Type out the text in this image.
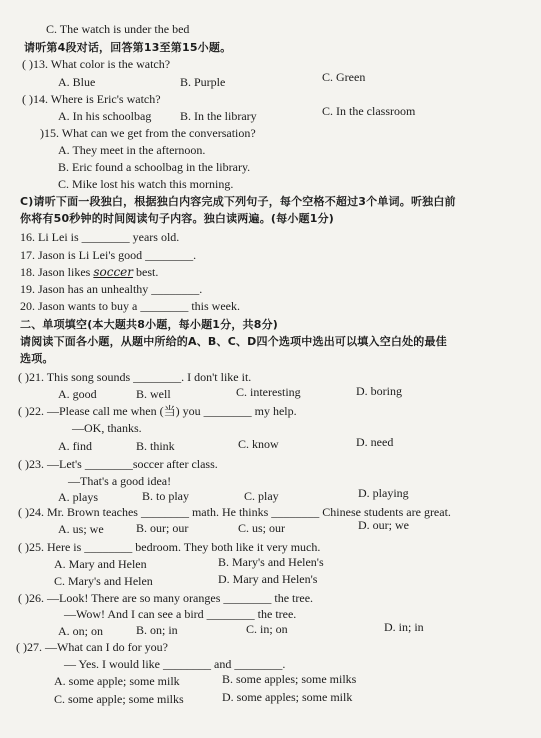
C. The watch is under the bed
请听第4段对话，回答第13至第15小题。
( )13. What color is the watch?
A. Blue	B. Purple	C. Green
( )14. Where is Eric's watch?
A. In his schoolbag B. In the library	C. In the classroom
)15. What can we get from the conversation?
A. They meet in the afternoon.
B. Eric found a schoolbag in the library.
C. Mike lost his watch this morning.
C)请听下面一段独白，根据独白内容完成下列句子，每个空格不超过3个单词。听独白前
你将有50秒钟的时间阅读句子内容。独白读两遍。(每小题1分)
16. Li Lei is ________ years old.
17. Jason is Li Lei's good ________.
18. Jason likes soccer best.
19. Jason has an unhealthy ________.
20. Jason wants to buy a ________ this week.
二、单项填空(本大题共8小题，每小题1分，共8分)
请阅读下面各小题，从题中所给的A、B、C、D四个选项中选出可以填入空白处的最佳
选项。
( )21. This song sounds ________. I don't like it.
A. good	B. well	C. interesting	D. boring
( )22. —Please call me when (当) you ________ my help.
—OK, thanks.
A. find	B. think	C. know	D. need
( )23. —Let's ________soccer after class.
—That's a good idea!
A. plays	B. to play	C. play	D. playing
( )24. Mr. Brown teaches ________ math. He thinks ________ Chinese students are great.
A. us; we	B. our; our	C. us; our	D. our; we
( )25. Here is ________ bedroom. They both like it very much.
A. Mary and Helen	B. Mary's and Helen's
C. Mary's and Helen	D. Mary and Helen's
( )26. —Look! There are so many oranges ________ the tree.
—Wow! And I can see a bird ________ the tree.
A. on; on	B. on; in	C. in; on	D. in; in
( )27. —What can I do for you?
— Yes. I would like ________ and ________.
A. some apple; some milk	B. some apples; some milks
C. some apple; some milks	D. some apples; some milk
